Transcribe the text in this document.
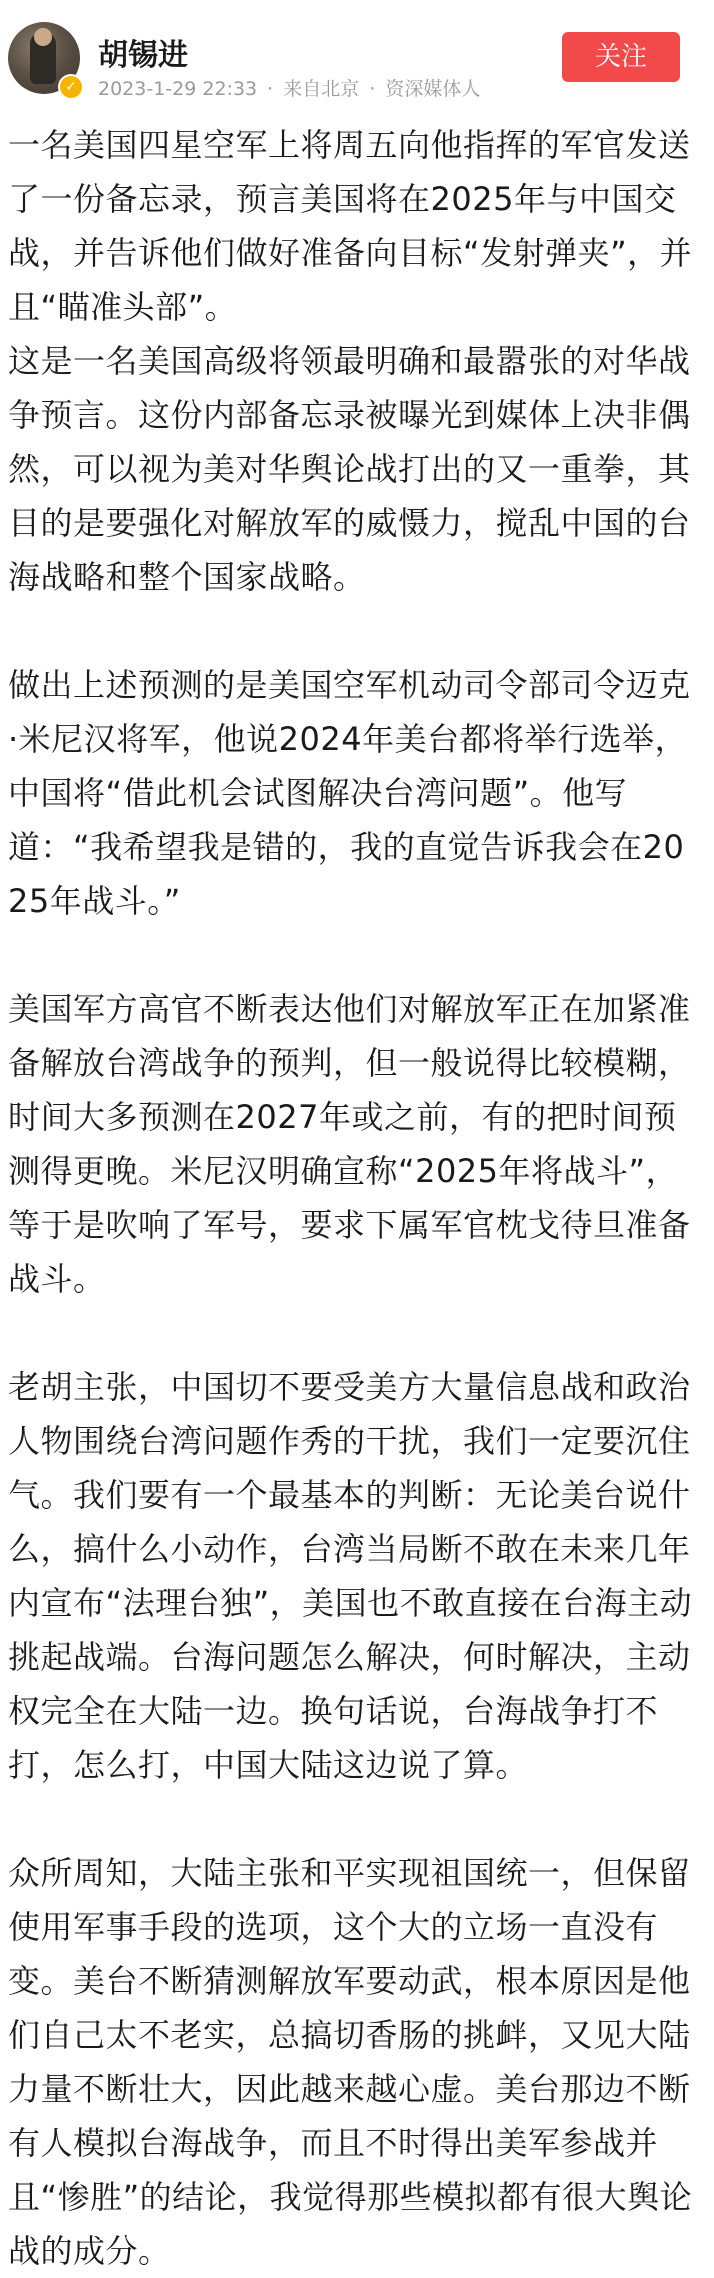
✓
胡锡进
2023-1-29 22:33 · 来自北京 · 资深媒体人
关注

一名美国四星空军上将周五向他指挥的军官发送了一份备忘录，预言美国将在2025年与中国交战，并告诉他们做好准备向目标“发射弹夹”，并且“瞄准头部”。

这是一名美国高级将领最明确和最嚣张的对华战争预言。这份内部备忘录被曝光到媒体上决非偶然，可以视为美对华舆论战打出的又一重拳，其目的是要强化对解放军的威慑力，搅乱中国的台海战略和整个国家战略。

做出上述预测的是美国空军机动司令部司令迈克·米尼汉将军，他说2024年美台都将举行选举，中国将“借此机会试图解决台湾问题”。他写道：“我希望我是错的，我的直觉告诉我会在2025年战斗。”

美国军方高官不断表达他们对解放军正在加紧准备解放台湾战争的预判，但一般说得比较模糊，时间大多预测在2027年或之前，有的把时间预测得更晚。米尼汉明确宣称“2025年将战斗”，等于是吹响了军号，要求下属军官枕戈待旦准备战斗。

老胡主张，中国切不要受美方大量信息战和政治人物围绕台湾问题作秀的干扰，我们一定要沉住气。我们要有一个最基本的判断：无论美台说什么，搞什么小动作，台湾当局断不敢在未来几年内宣布“法理台独”，美国也不敢直接在台海主动挑起战端。台海问题怎么解决，何时解决，主动权完全在大陆一边。换句话说，台海战争打不打，怎么打，中国大陆这边说了算。

众所周知，大陆主张和平实现祖国统一，但保留使用军事手段的选项，这个大的立场一直没有变。美台不断猜测解放军要动武，根本原因是他们自己太不老实，总搞切香肠的挑衅，又见大陆力量不断壮大，因此越来越心虚。美台那边不断有人模拟台海战争，而且不时得出美军参战并且“惨胜”的结论，我觉得那些模拟都有很大舆论战的成分。
